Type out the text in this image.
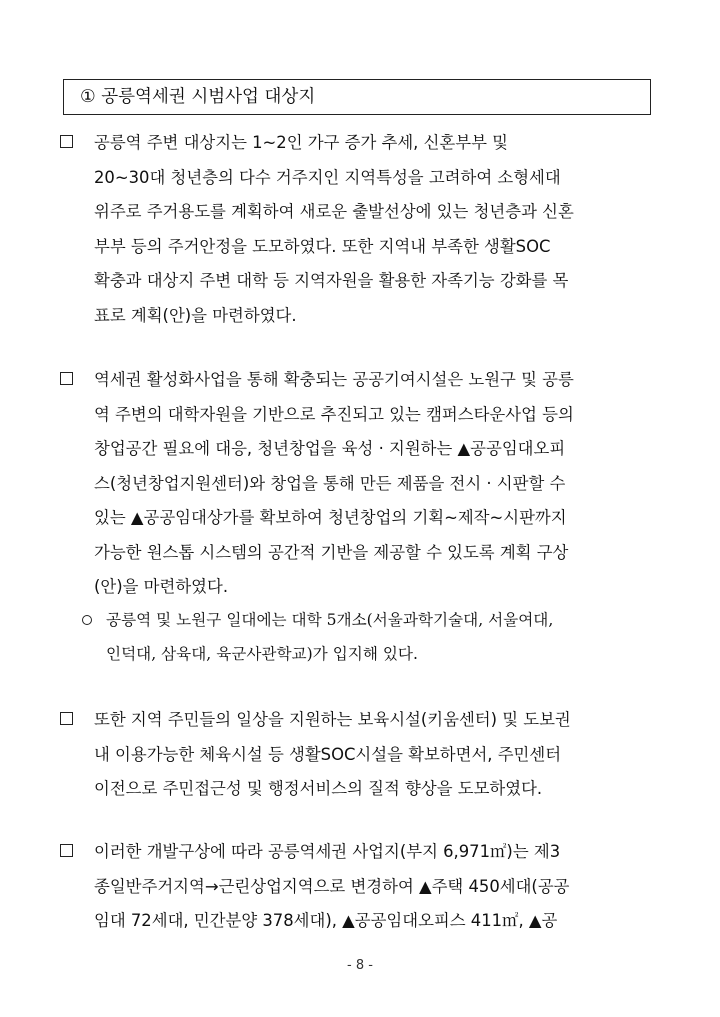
① 공릉역세권 시범사업 대상지
공릉역 주변 대상지는 1~2인 가구 증가 추세, 신혼부부 및
20~30대 청년층의 다수 거주지인 지역특성을 고려하여 소형세대
위주로 주거용도를 계획하여 새로운 출발선상에 있는 청년층과 신혼
부부 등의 주거안정을 도모하였다. 또한 지역내 부족한 생활SOC
확충과 대상지 주변 대학 등 지역자원을 활용한 자족기능 강화를 목
표로 계획(안)을 마련하였다.
역세권 활성화사업을 통해 확충되는 공공기여시설은 노원구 및 공릉
역 주변의 대학자원을 기반으로 추진되고 있는 캠퍼스타운사업 등의
창업공간 필요에 대응, 청년창업을 육성 · 지원하는 ▲공공임대오피
스(청년창업지원센터)와 창업을 통해 만든 제품을 전시 · 시판할 수
있는 ▲공공임대상가를 확보하여 청년창업의 기획~제작~시판까지
가능한 원스톱 시스템의 공간적 기반을 제공할 수 있도록 계획 구상
(안)을 마련하였다.
공릉역 및 노원구 일대에는 대학 5개소(서울과학기술대, 서울여대,
인덕대, 삼육대, 육군사관학교)가 입지해 있다.
또한 지역 주민들의 일상을 지원하는 보육시설(키움센터) 및 도보권
내 이용가능한 체육시설 등 생활SOC시설을 확보하면서, 주민센터
이전으로 주민접근성 및 행정서비스의 질적 향상을 도모하였다.
이러한 개발구상에 따라 공릉역세권 사업지(부지 6,971㎡)는 제3
종일반주거지역→근린상업지역으로 변경하여 ▲주택 450세대(공공
임대 72세대, 민간분양 378세대), ▲공공임대오피스 411㎡, ▲공
- 8 -
